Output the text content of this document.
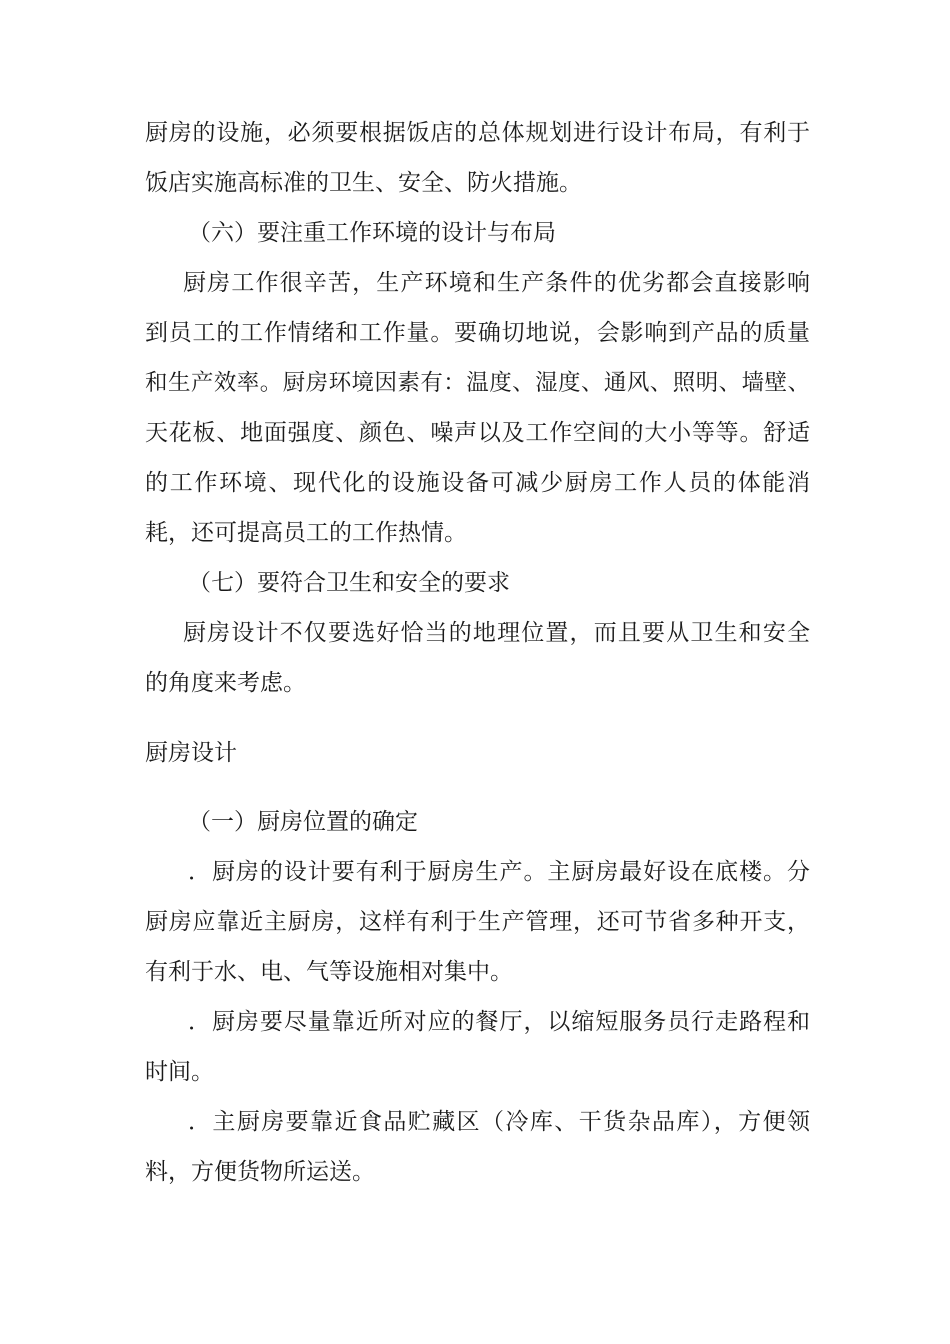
厨房的设施，必须要根据饭店的总体规划进行设计布局，有利于
饭店实施高标准的卫生、安全、防火措施。
（六）要注重工作环境的设计与布局
厨房工作很辛苦，生产环境和生产条件的优劣都会直接影响
到员工的工作情绪和工作量。要确切地说，会影响到产品的质量
和生产效率。厨房环境因素有：温度、湿度、通风、照明、墙壁、
天花板、地面强度、颜色、噪声以及工作空间的大小等等。舒适
的工作环境、现代化的设施设备可减少厨房工作人员的体能消
耗，还可提高员工的工作热情。
（七）要符合卫生和安全的要求
厨房设计不仅要选好恰当的地理位置，而且要从卫生和安全
的角度来考虑。
厨房设计
（一）厨房位置的确定
．厨房的设计要有利于厨房生产。主厨房最好设在底楼。分
厨房应靠近主厨房，这样有利于生产管理，还可节省多种开支，
有利于水、电、气等设施相对集中。
．厨房要尽量靠近所对应的餐厅，以缩短服务员行走路程和
时间。
．主厨房要靠近食品贮藏区（冷库、干货杂品库），方便领
料，方便货物所运送。
